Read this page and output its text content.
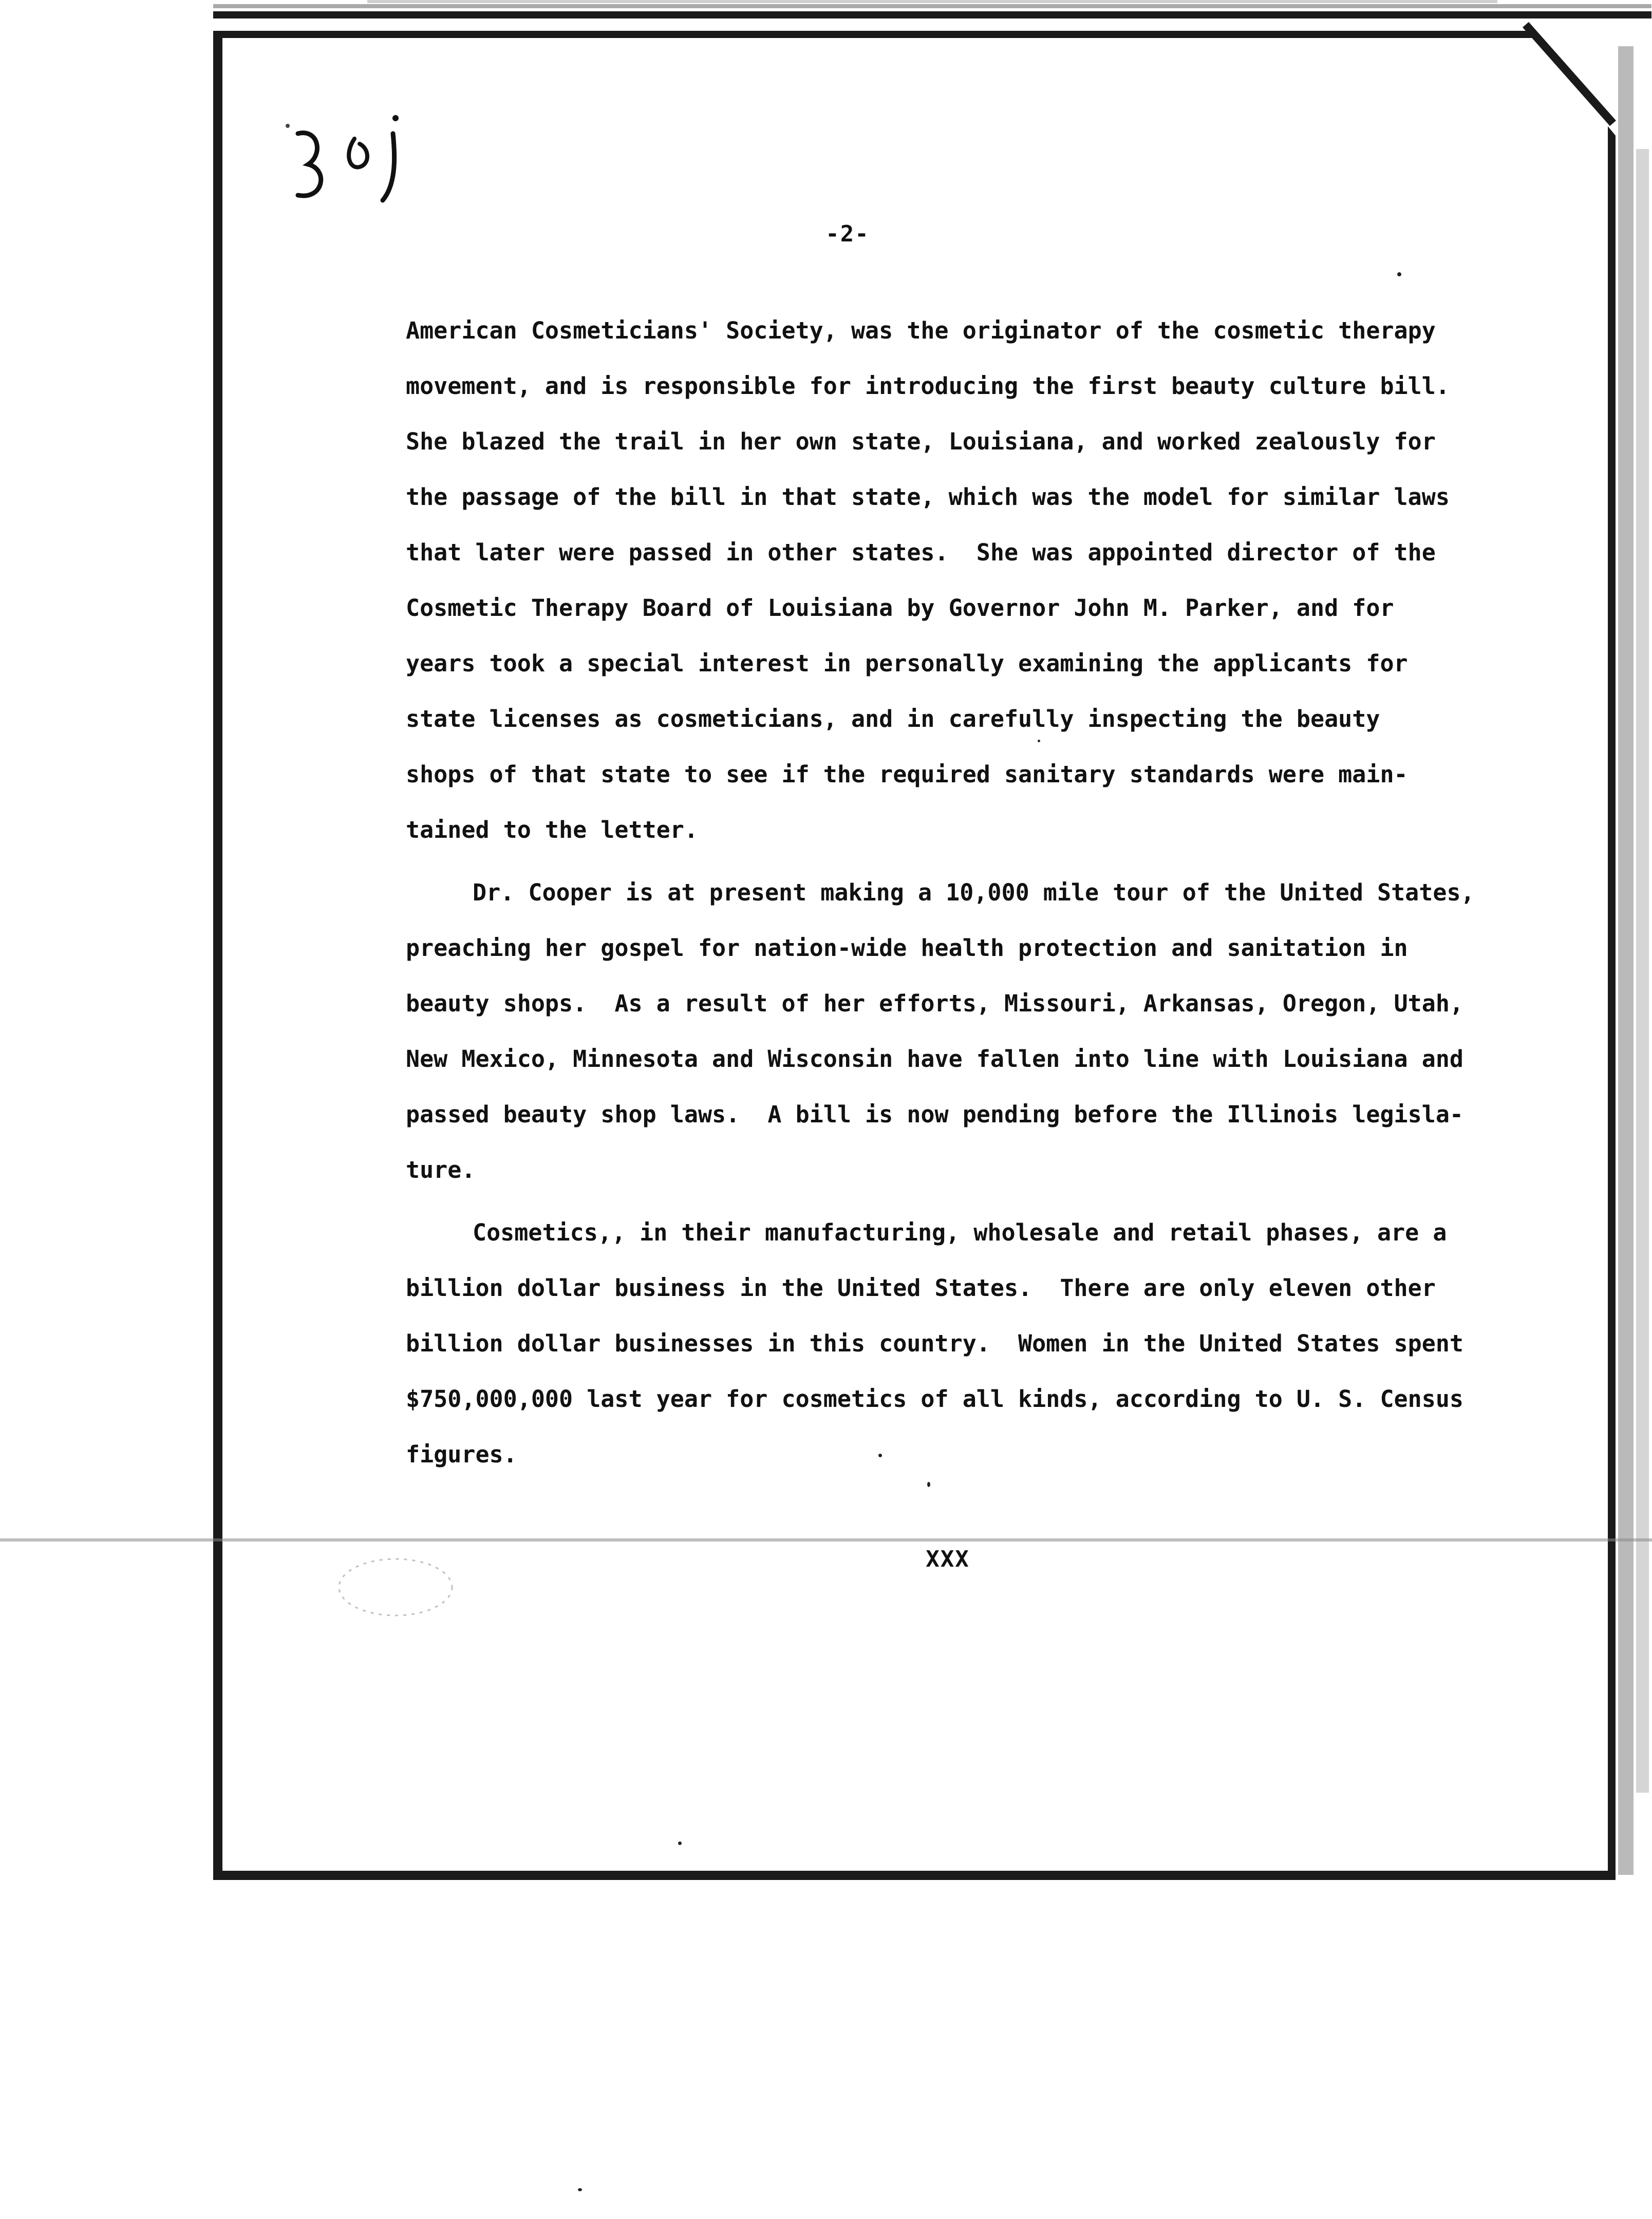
-2-
American Cosmeticians' Society, was the originator of the cosmetic therapy
movement, and is responsible for introducing the first beauty culture bill.
She blazed the trail in her own state, Louisiana, and worked zealously for
the passage of the bill in that state, which was the model for similar laws
that later were passed in other states.  She was appointed director of the
Cosmetic Therapy Board of Louisiana by Governor John M. Parker, and for
years took a special interest in personally examining the applicants for
state licenses as cosmeticians, and in carefully inspecting the beauty
shops of that state to see if the required sanitary standards were main-
tained to the letter.
Dr. Cooper is at present making a 10,000 mile tour of the United States,
preaching her gospel for nation-wide health protection and sanitation in
beauty shops.  As a result of her efforts, Missouri, Arkansas, Oregon, Utah,
New Mexico, Minnesota and Wisconsin have fallen into line with Louisiana and
passed beauty shop laws.  A bill is now pending before the Illinois legisla-
ture.
Cosmetics,, in their manufacturing, wholesale and retail phases, are a
billion dollar business in the United States.  There are only eleven other
billion dollar businesses in this country.  Women in the United States spent
$750,000,000 last year for cosmetics of all kinds, according to U. S. Census
figures.
XXX
